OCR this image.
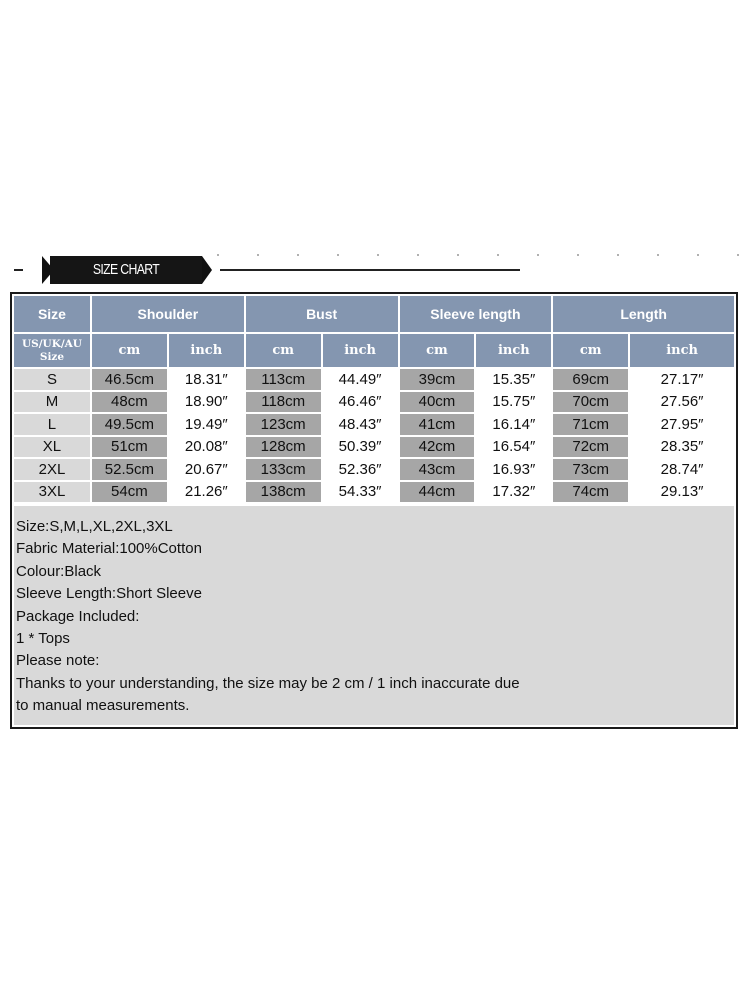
SIZE CHART
Size	Shoulder		Bust		Sleeve length		Length	

US/UK/AU
Size	cm	inch	cm	inch	cm	inch	cm	inch
S	46.5cm	18.31″	113cm	44.49″	39cm	15.35″	69cm	27.17″
M	48cm	18.90″	118cm	46.46″	40cm	15.75″	70cm	27.56″
L	49.5cm	19.49″	123cm	48.43″	41cm	16.14″	71cm	27.95″
XL	51cm	20.08″	128cm	50.39″	42cm	16.54″	72cm	28.35″
2XL	52.5cm	20.67″	133cm	52.36″	43cm	16.93″	73cm	28.74″
3XL	54cm	21.26″	138cm	54.33″	44cm	17.32″	74cm	29.13″
Size:S,M,L,XL,2XL,3XL
Fabric Material:100%Cotton
Colour:Black
Sleeve Length:Short Sleeve
Package Included:
1 * Tops
Please note:
Thanks to your understanding, the size may be 2 cm / 1 inch inaccurate due
to manual measurements.
